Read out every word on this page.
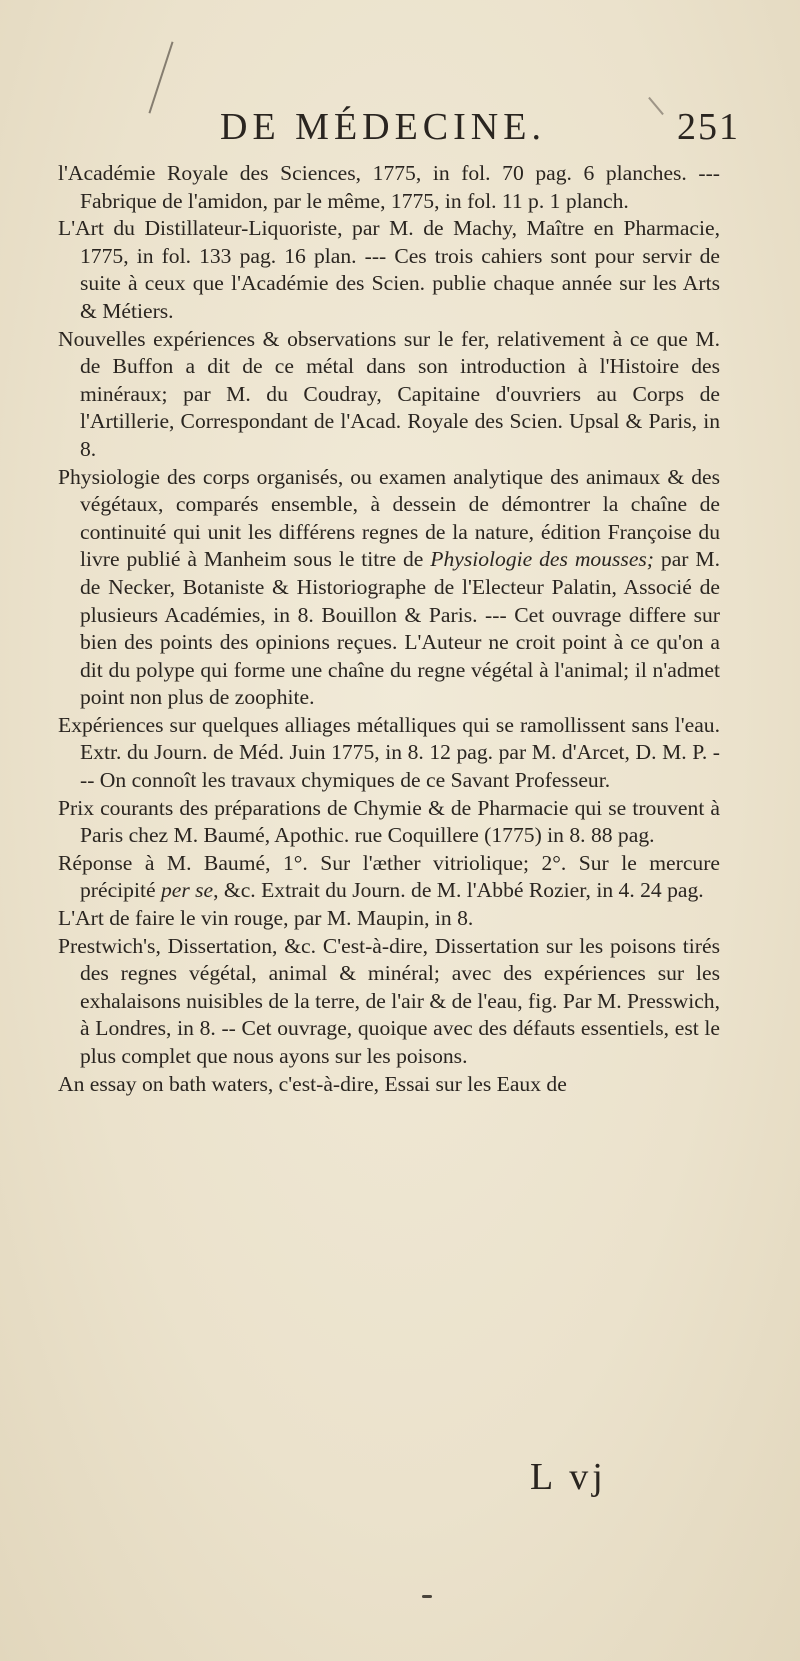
DE MÉDECINE.	251

l'Académie Royale des Sciences, 1775, in fol. 70 pag. 6 planches. --- Fabrique de l'amidon, par le même, 1775, in fol. 11 p. 1 planch.

L'Art du Distillateur-Liquoriste, par M. de Machy, Maître en Pharmacie, 1775, in fol. 133 pag. 16 plan. --- Ces trois cahiers sont pour servir de suite à ceux que l'Académie des Scien. publie chaque année sur les Arts & Métiers.

Nouvelles expériences & observations sur le fer, relativement à ce que M. de Buffon a dit de ce métal dans son introduction à l'Histoire des minéraux; par M. du Coudray, Capitaine d'ouvriers au Corps de l'Artillerie, Correspondant de l'Acad. Royale des Scien. Upsal & Paris, in 8.

Physiologie des corps organisés, ou examen analytique des animaux & des végétaux, comparés ensemble, à dessein de démontrer la chaîne de continuité qui unit les différens regnes de la nature, édition Françoise du livre publié à Manheim sous le titre de Physiologie des mousses; par M. de Necker, Botaniste & Historiographe de l'Electeur Palatin, Associé de plusieurs Académies, in 8. Bouillon & Paris. --- Cet ouvrage differe sur bien des points des opinions reçues. L'Auteur ne croit point à ce qu'on a dit du polype qui forme une chaîne du regne végétal à l'animal; il n'admet point non plus de zoophite.

Expériences sur quelques alliages métalliques qui se ramollissent sans l'eau. Extr. du Journ. de Méd. Juin 1775, in 8. 12 pag. par M. d'Arcet, D. M. P. --- On connoît les travaux chymiques de ce Savant Professeur.

Prix courants des préparations de Chymie & de Pharmacie qui se trouvent à Paris chez M. Baumé, Apothic. rue Coquillere (1775) in 8. 88 pag.

Réponse à M. Baumé, 1°. Sur l'æther vitriolique; 2°. Sur le mercure précipité per se, &c. Extrait du Journ. de M. l'Abbé Rozier, in 4. 24 pag.

L'Art de faire le vin rouge, par M. Maupin, in 8.

Prestwich's, Dissertation, &c. C'est-à-dire, Dissertation sur les poisons tirés des regnes végétal, animal & minéral; avec des expériences sur les exhalaisons nuisibles de la terre, de l'air & de l'eau, fig. Par M. Presswich, à Londres, in 8. -- Cet ouvrage, quoique avec des défauts essentiels, est le plus complet que nous ayons sur les poisons.

An essay on bath waters, c'est-à-dire, Essai sur les Eaux de

L vj
